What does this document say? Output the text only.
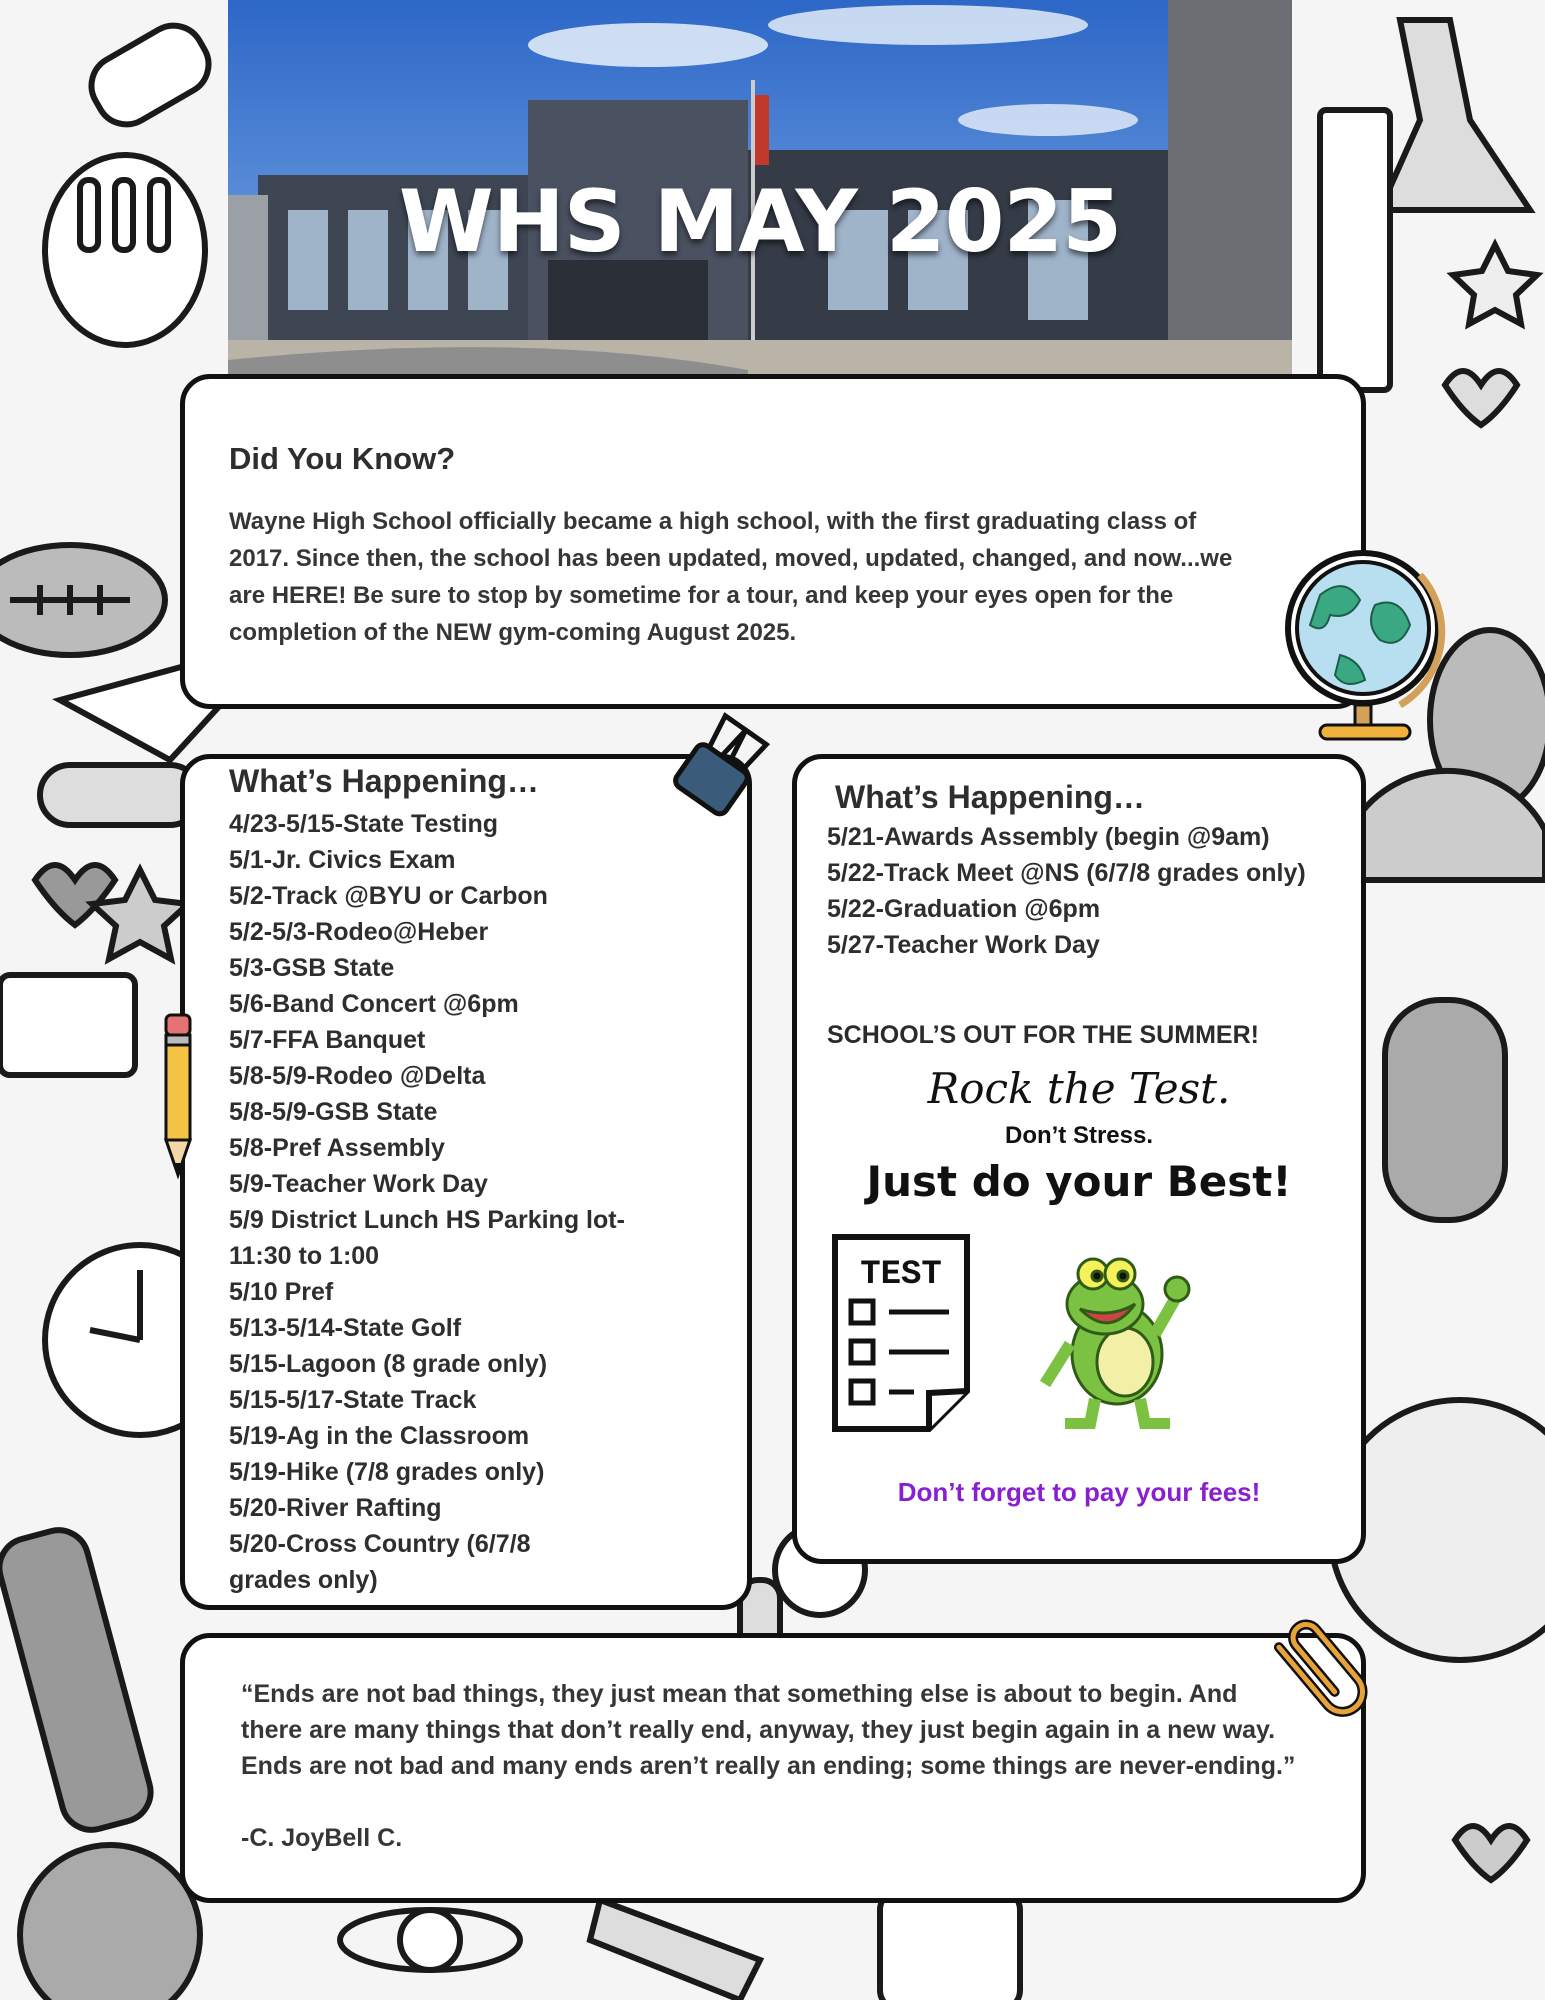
WHS MAY 2025
Did You Know?
Wayne High School officially became a high school, with the first graduating class of 2017. Since then, the school has been updated, moved, updated, changed, and now...we are HERE! Be sure to stop by sometime for a tour, and keep your eyes open for the completion of the NEW gym-coming August 2025.
What’s Happening…
4/23-5/15-State Testing
5/1-Jr. Civics Exam
5/2-Track @BYU or Carbon
5/2-5/3-Rodeo@Heber
5/3-GSB State
5/6-Band Concert @6pm
5/7-FFA Banquet
5/8-5/9-Rodeo @Delta
5/8-5/9-GSB State
5/8-Pref Assembly
5/9-Teacher Work Day
5/9 District Lunch HS Parking lot-
11:30 to 1:00
5/10 Pref
5/13-5/14-State Golf
5/15-Lagoon (8 grade only)
5/15-5/17-State Track
5/19-Ag in the Classroom
5/19-Hike (7/8 grades only)
5/20-River Rafting
5/20-Cross Country (6/7/8
grades only)
What’s Happening…
5/21-Awards Assembly (begin @9am)
5/22-Track Meet @NS (6/7/8 grades only)
5/22-Graduation @6pm
5/27-Teacher Work Day
SCHOOL’S OUT FOR THE SUMMER!
Rock the Test.
Don’t Stress.
Just do your Best!
TEST
Don’t forget to pay your fees!
“Ends are not bad things, they just mean that something else is about to begin. And there are many things that don’t really end, anyway, they just begin again in a new way. Ends are not bad and many ends aren’t really an ending; some things are never-ending.”
-C. JoyBell C.
